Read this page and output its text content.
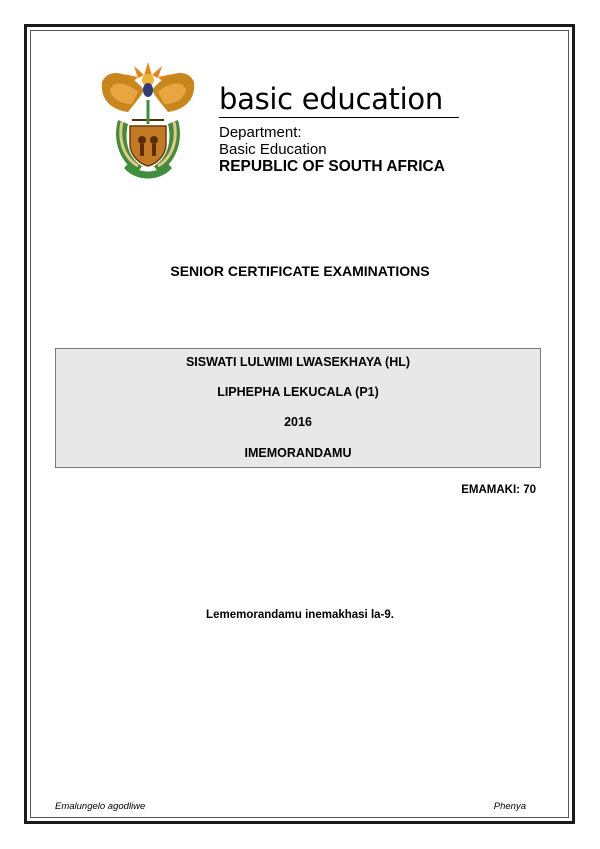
basic education
Department:
Basic Education
REPUBLIC OF SOUTH AFRICA
SENIOR CERTIFICATE EXAMINATIONS
SISWATI LULWIMI LWASEKHAYA (HL)
LIPHEPHA LEKUCALA (P1)
2016
IMEMORANDAMU
EMAMAKI: 70
Lememorandamu inemakhasi la-9.
Emalungelo agodliwe	Phenya
